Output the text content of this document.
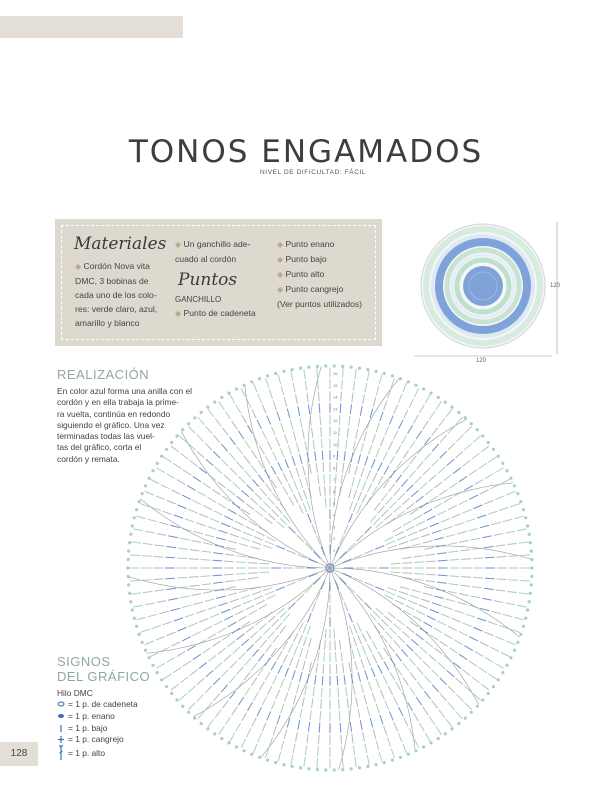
TONOS ENGAMADOS
NIVEL DE DIFICULTAD: FÁCIL
Materiales
◆ Cordón Nova vita
DMC, 3 bobinas de
cada uno de los colo-
res: verde claro, azul,
amarillo y blanco
◆ Un ganchillo ade-
cuado al cordón
Puntos
GANCHILLO
◆ Punto de cadeneta
◆ Punto enano
◆ Punto bajo
◆ Punto alto
◆ Punto cangrejo
(Ver puntos utilizados)
120
120
REALIZACIÓN
En color azul forma una anilla con el
cordón y en ella trabaja la prime-
ra vuelta, continúa en redondo
siguiendo el gráfico. Una vez
terminadas todas las vuel-
tas del gráfico, corta el
cordón y remata.
1
2
3
4
5
6
7
8
9
10
11
12
13
14
15
16
SIGNOS
DEL GRÁFICO
Hilo DMC
= 1 p. de cadeneta
= 1 p. enano
= 1 p. bajo
= 1 p. cangrejo
= 1 p. alto
128
